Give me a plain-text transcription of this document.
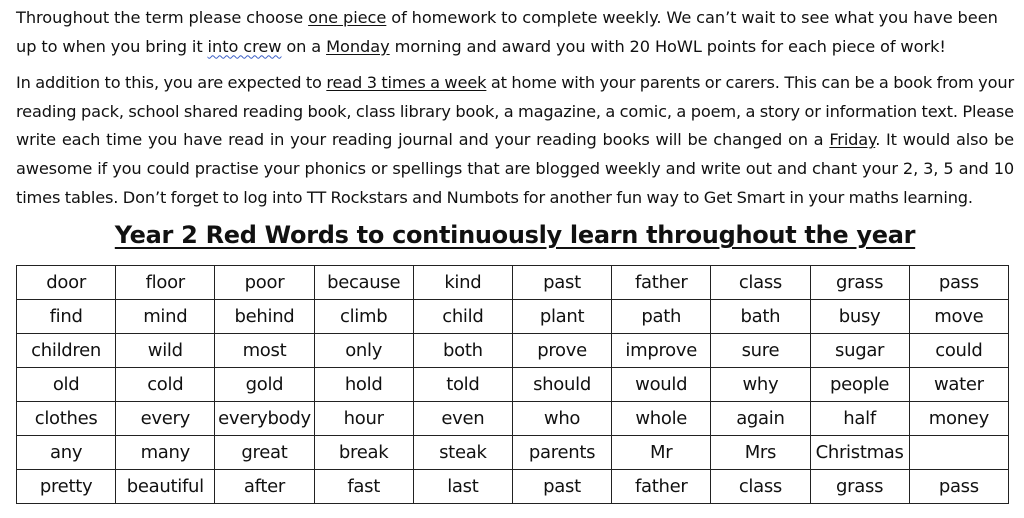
Throughout the term please choose one piece of homework to complete weekly. We can’t wait to see what you have been up to when you bring it into crew on a Monday morning and award you with 20 HoWL points for each piece of work!

In addition to this, you are expected to read 3 times a week at home with your parents or carers. This can be a book from your reading pack, school shared reading book, class library book, a magazine, a comic, a poem, a story or information text. Please write each time you have read in your reading journal and your reading books will be changed on a Friday. It would also be awesome if you could practise your phonics or spellings that are blogged weekly and write out and chant your 2, 3, 5 and 10 times tables. Don’t forget to log into TT Rockstars and Numbots for another fun way to Get Smart in your maths learning.

Year 2 Red Words to continuously learn throughout the year
door	floor	poor	because	kind	past	father	class	grass	pass
find	mind	behind	climb	child	plant	path	bath	busy	move
children	wild	most	only	both	prove	improve	sure	sugar	could
old	cold	gold	hold	told	should	would	why	people	water
clothes	every	everybody	hour	even	who	whole	again	half	money
any	many	great	break	steak	parents	Mr	Mrs	Christmas	
pretty	beautiful	after	fast	last	past	father	class	grass	pass
